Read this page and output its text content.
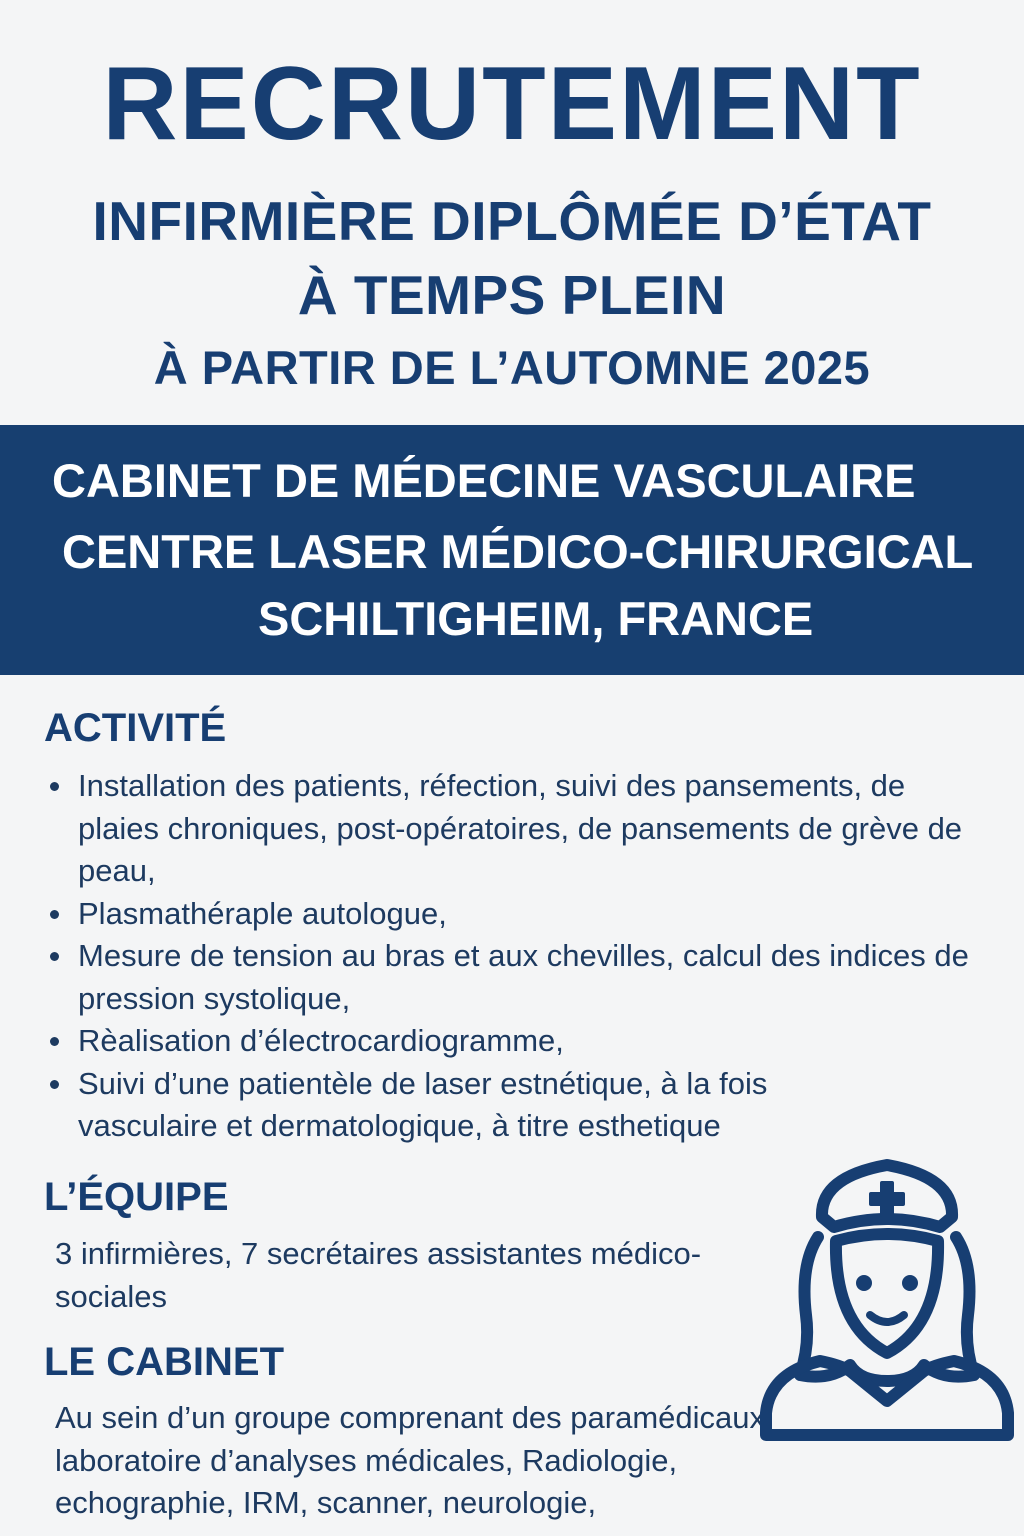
RECRUTEMENT
INFIRMIÈRE DIPLÔMÉE D’ÉTAT
À TEMPS PLEIN
À PARTIR DE L’AUTOMNE 2025
CABINET DE MÉDECINE VASCULAIRE
CENTRE LASER MÉDICO-CHIRURGICAL
SCHILTIGHEIM, FRANCE
ACTIVITÉ
Installation des patients, réfection, suivi des pansements, de plaies chroniques, post-opératoires, de pansements de grève de peau,
Plasmathéraple autologue,
Mesure de tension au bras et aux chevilles, calcul des indices de pression systolique,
Rèalisation d’électrocardiogramme,
Suivi d’une patientèle de laser estnétique, à la fois vasculaire et dermatologique, à titre esthetique
L’ÉQUIPE
3 infirmières, 7 secrétaires assistantes médico-sociales
LE CABINET
Au sein d’un groupe comprenant des paramédicaux, laboratoire d’analyses médicales, Radiologie, echographie, IRM, scanner, neurologie,
